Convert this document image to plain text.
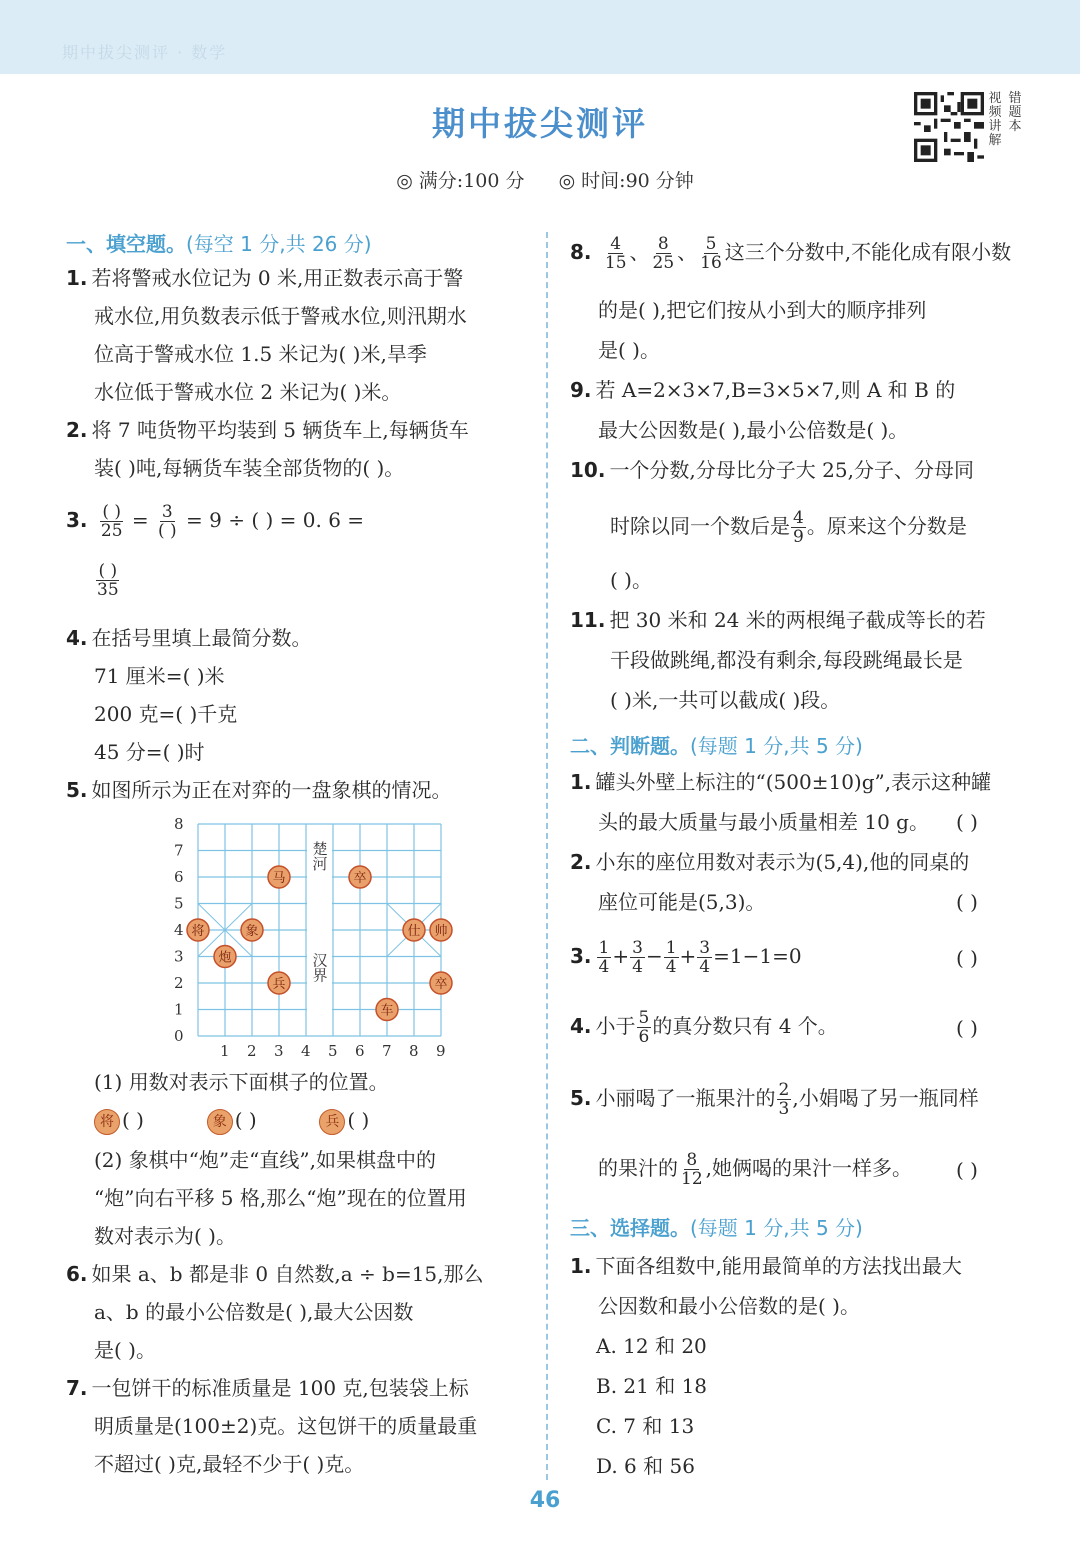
期中拔尖测评 · 数学
期中拔尖测评
◎ 满分:100 分 ◎ 时间:90 分钟
视频讲解
错题本
一、填空题。(每空 1 分,共 26 分)
1. 若将警戒水位记为 0 米,用正数表示高于警
戒水位,用负数表示低于警戒水位,则汛期水
位高于警戒水位 1.5 米记为( )米,旱季
水位低于警戒水位 2 米记为( )米。
2. 将 7 吨货物平均装到 5 辆货车上,每辆货车
装( )吨,每辆货车装全部货物的( )。
3. $\frac{( )}{25} = \frac{3}{( )} = 9$ ÷ ( ) = 0. 6 =
$\frac{( )}{35}$
4. 在括号里填上最简分数。
71 厘米=( )米
200 克=( )千克
45 分=( )时
5. 如图所示为正在对弈的一盘象棋的情况。
楚河
汉界
0
1
2
3
4
5
6
7
8
1 2 3 4 5 6 7 8 9
马	卒
将	象
炮
兵
车
仕 帅
卒
(1) 用数对表示下面棋子的位置。
将 ( )	象 ( )	兵 ( )
(2) 象棋中“炮”走“直线”,如果棋盘中的
“炮”向右平移 5 格,那么“炮”现在的位置用
数对表示为( )。
6. 如果 a、b 都是非 0 自然数,a ÷ b=15,那么
a、b 的最小公倍数是( ),最大公因数
是( )。
7. 一包饼干的标准质量是 100 克,包装袋上标
明质量是(100±2)克。这包饼干的质量最重
不超过( )克,最轻不少于( )克。
8. $\frac{4}{15}$ 、 $\frac{8}{25}$ 、 $\frac{5}{16}$ 这三个分数中,不能化成有限小数
的是( ),把它们按从小到大的顺序排列
是( )。
9. 若 A=2×3×7,B=3×5×7,则 A 和 B 的
最大公因数是( ),最小公倍数是( )。
10. 一个分数,分母比分子大 25,分子、分母同
时除以同一个数后是 $\frac{4}{9}$ 。原来这个分数是
( )。
11. 把 30 米和 24 米的两根绳子截成等长的若
干段做跳绳,都没有剩余,每段跳绳最长是
( )米,一共可以截成( )段。
二、判断题。(每题 1 分,共 5 分)
1. 罐头外壁上标注的“(500±10)g”,表示这种罐
头的最大质量与最小质量相差 10 g。 ( )
2. 小东的座位用数对表示为(5,4),他的同桌的
座位可能是(5,3)。	( )
3. $\frac{1}{4} + \frac{3}{4} - \frac{1}{4} + \frac{3}{4} =1-1=0$	( )
4. 小于 $\frac{5}{6}$ 的真分数只有 4 个。	( )
5. 小丽喝了一瓶果汁的 $\frac{2}{3}$ ,小娟喝了另一瓶同样
的果汁的 $\frac{8}{12}$ ,她俩喝的果汁一样多。 ( )
三、选择题。(每题 1 分,共 5 分)
1. 下面各组数中,能用最简单的方法找出最大
公因数和最小公倍数的是( )。
A. 12 和 20
B. 21 和 18
C. 7 和 13
D. 6 和 56
46
